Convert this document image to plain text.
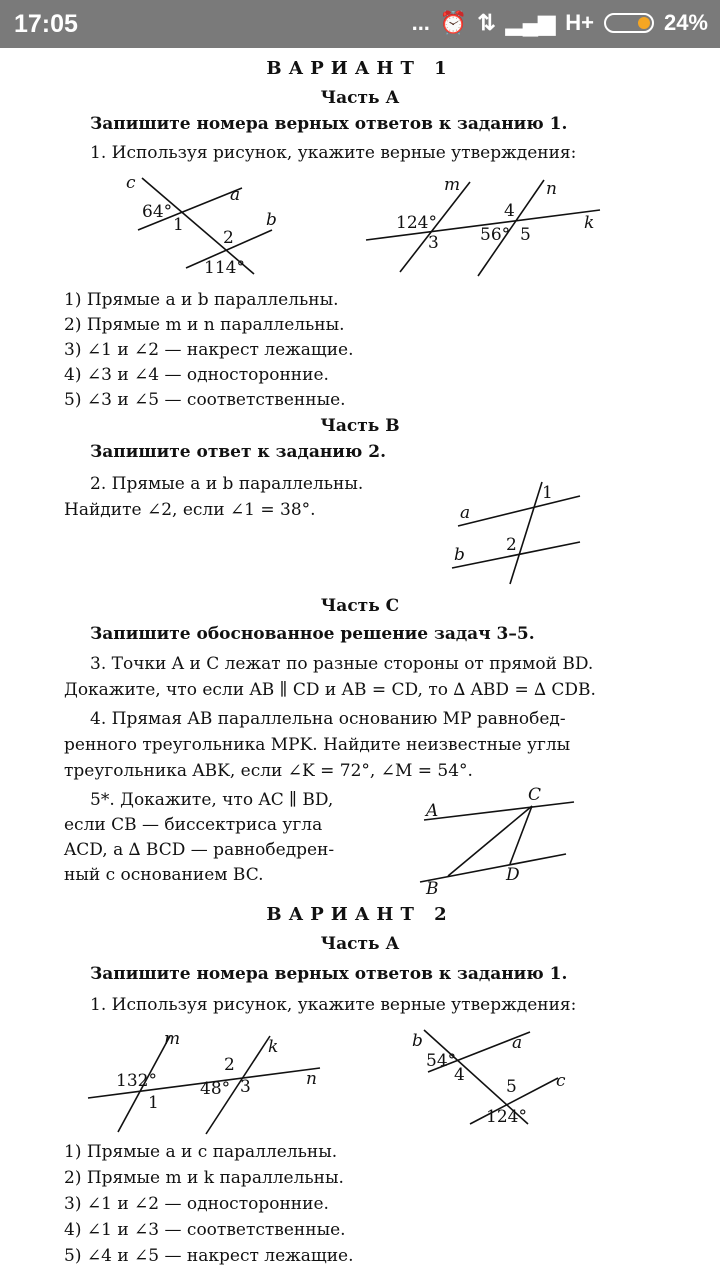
17:05	... ⏰ ⇅ ▂▄▆ H+	24%
ВАРИАНТ 1
Часть А
Запишите номера верных ответов к заданию 1.
1. Используя рисунок, укажите верные утверждения:
c
a
b
64°
1
2
114°
m	n
k
124°
3
4
56° 5
1) Прямые a и b параллельны.
2) Прямые m и n параллельны.
3) ∠1 и ∠2 — накрест лежащие.
4) ∠3 и ∠4 — односторонние.
5) ∠3 и ∠5 — соответственные.
Часть В
Запишите ответ к заданию 2.
2. Прямые a и b параллельны.
Найдите ∠2, если ∠1 = 38°.	a
b
1
2
Часть С
Запишите обоснованное решение задач 3–5.
3. Точки A и C лежат по разные стороны от прямой BD.
Докажите, что если AB ∥ CD и AB = CD, то ∆ ABD = ∆ CDB.
4. Прямая AB параллельна основанию MP равнобед-
ренного треугольника MPK. Найдите неизвестные углы
треугольника ABK, если ∠K = 72°, ∠M = 54°.
5*. Докажите, что AC ∥ BD,
если CB — биссектриса угла
ACD, а ∆ BCD — равнобедрен-
ный с основанием BC.
A
C
B
D
ВАРИАНТ 2
Часть А
Запишите номера верных ответов к заданию 1.
1. Используя рисунок, укажите верные утверждения:
m	k
n
132°
1
2
48° 3
b	a
c
54°
4
5
124°
1) Прямые a и c параллельны.
2) Прямые m и k параллельны.
3) ∠1 и ∠2 — односторонние.
4) ∠1 и ∠3 — соответственные.
5) ∠4 и ∠5 — накрест лежащие.
